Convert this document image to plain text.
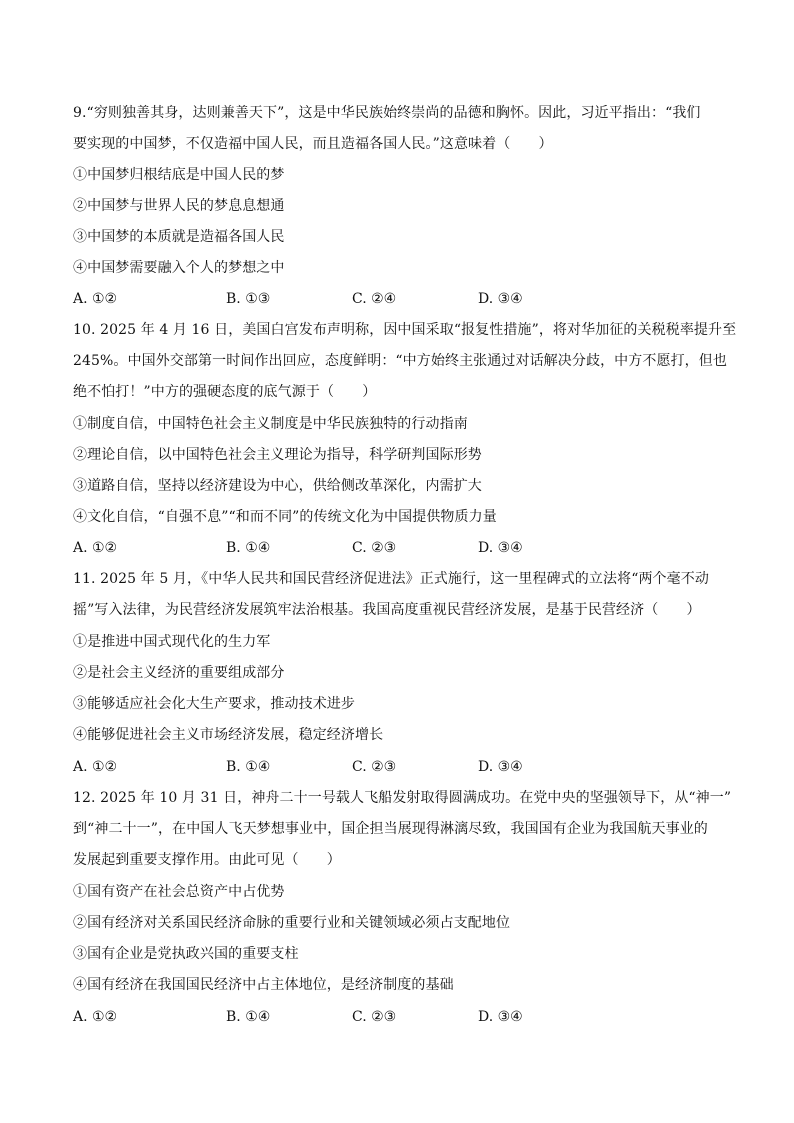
9.“穷则独善其身，达则兼善天下”，这是中华民族始终崇尚的品德和胸怀。因此，习近平指出：“我们
要实现的中国梦，不仅造福中国人民，而且造福各国人民。”这意味着（　　）
①中国梦归根结底是中国人民的梦
②中国梦与世界人民的梦息息想通
③中国梦的本质就是造福各国人民
④中国梦需要融入个人的梦想之中
A. ①②	B. ①③	C. ②④	D. ③④
10. 2025 年 4 月 16 日，美国白宫发布声明称，因中国采取“报复性措施”，将对华加征的关税税率提升至
245%。中国外交部第一时间作出回应，态度鲜明：“中方始终主张通过对话解决分歧，中方不愿打，但也
绝不怕打！”中方的强硬态度的底气源于（　　）
①制度自信，中国特色社会主义制度是中华民族独特的行动指南
②理论自信，以中国特色社会主义理论为指导，科学研判国际形势
③道路自信，坚持以经济建设为中心，供给侧改革深化，内需扩大
④文化自信，“自强不息”“和而不同”的传统文化为中国提供物质力量
A. ①②	B. ①④	C. ②③	D. ③④
11. 2025 年 5 月，《中华人民共和国民营经济促进法》正式施行，这一里程碑式的立法将“两个毫不动
摇”写入法律，为民营经济发展筑牢法治根基。我国高度重视民营经济发展，是基于民营经济（　　）
①是推进中国式现代化的生力军
②是社会主义经济的重要组成部分
③能够适应社会化大生产要求，推动技术进步
④能够促进社会主义市场经济发展，稳定经济增长
A. ①②	B. ①④	C. ②③	D. ③④
12. 2025 年 10 月 31 日，神舟二十一号载人飞船发射取得圆满成功。在党中央的坚强领导下，从“神一”
到“神二十一”，在中国人飞天梦想事业中，国企担当展现得淋漓尽致，我国国有企业为我国航天事业的
发展起到重要支撑作用。由此可见（　　）
①国有资产在社会总资产中占优势
②国有经济对关系国民经济命脉的重要行业和关键领域必须占支配地位
③国有企业是党执政兴国的重要支柱
④国有经济在我国国民经济中占主体地位，是经济制度的基础
A. ①②	B. ①④	C. ②③	D. ③④
